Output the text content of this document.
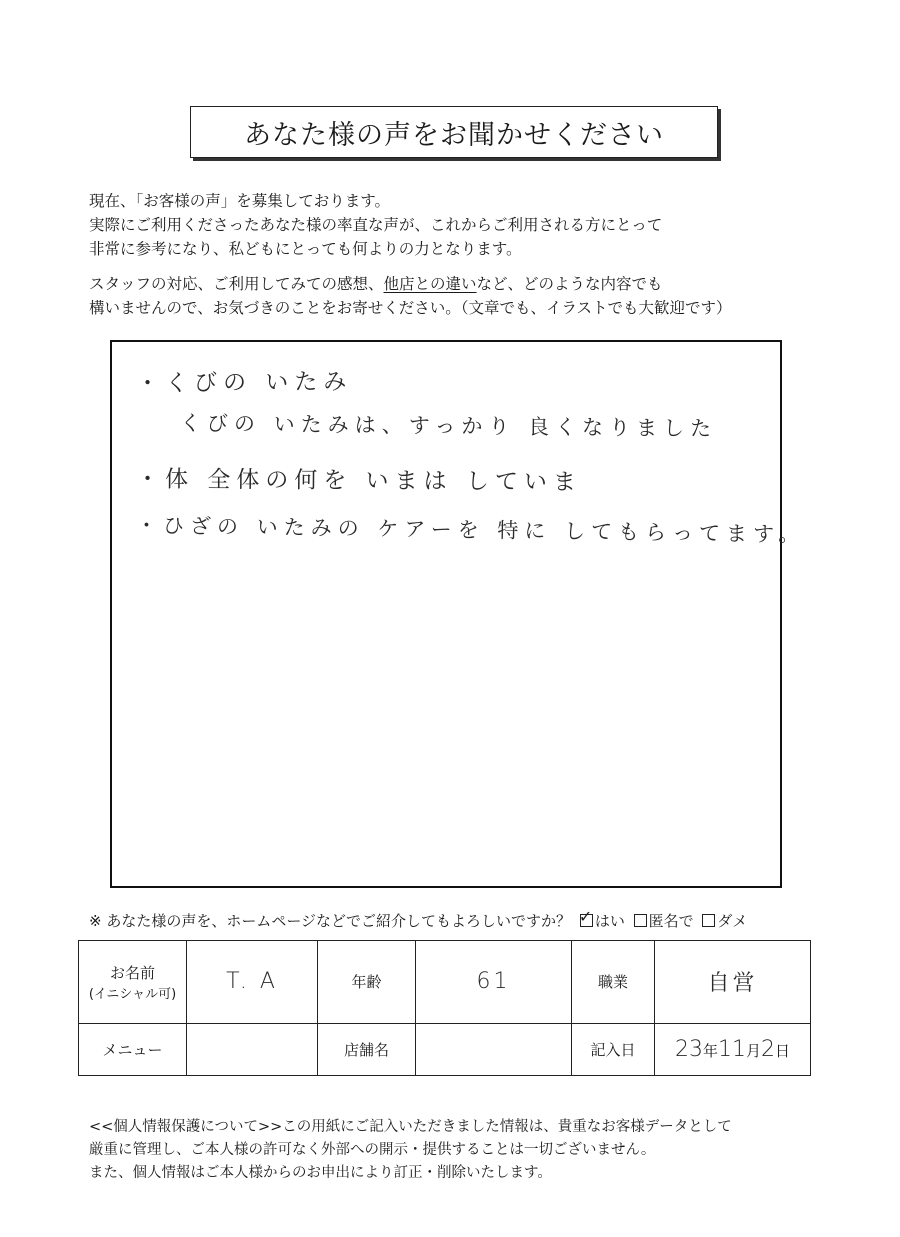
あなた様の声をお聞かせください
現在、「お客様の声」を募集しております。
実際にご利用くださったあなた様の率直な声が、これからご利用される方にとって
非常に参考になり、私どもにとっても何よりの力となります。
スタッフの対応、ご利用してみての感想、他店との違いなど、どのような内容でも
構いませんので、お気づきのことをお寄せください。（文章でも、イラストでも大歓迎です）
・くびの いたみ
くびの いたみは、すっかり 良くなりました
・体 全体の何を いまは していま
・ひざの いたみの ケアーを 特に してもらってます。
※ あなた様の声を、ホームページなどでご紹介してもよろしいですか？ ✓ はい 匿名で ダメ
お名前
(イニシャル可)	T. A	年齢	61	職業	自営
メニュー		店舗名		記入日	23年11月2日
<<個人情報保護について>>この用紙にご記入いただきました情報は、貴重なお客様データとして
厳重に管理し、ご本人様の許可なく外部への開示・提供することは一切ございません。
また、個人情報はご本人様からのお申出により訂正・削除いたします。
